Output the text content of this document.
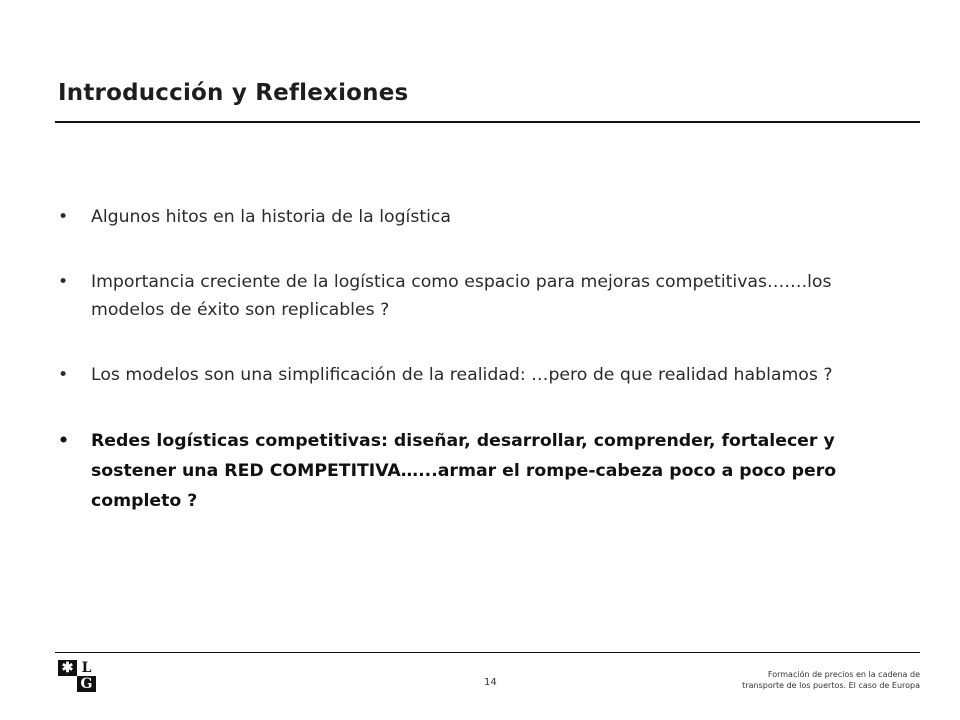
Introducción y Reflexiones
• Algunos hitos en la historia de la logística
• Importancia creciente de la logística como espacio para mejoras competitivas…….los modelos de éxito son replicables ?
• Los modelos son una simplificación de la realidad: …pero de que realidad hablamos ?
• Redes logísticas competitivas: diseñar, desarrollar, comprender, fortalecer y sostener una RED COMPETITIVA…...armar el rompe-cabeza poco a poco pero completo ?
✱ L
G	14
Formación de precios en la cadena de
transporte de los puertos. El caso de Europa
